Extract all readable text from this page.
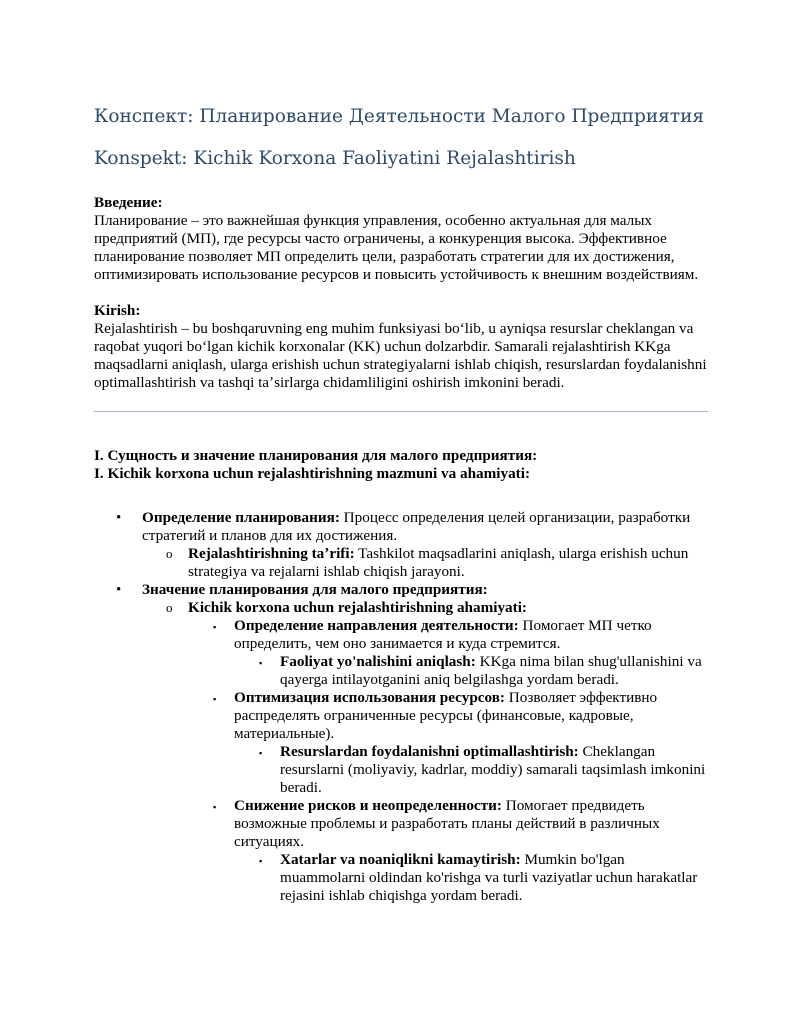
Конспект: Планирование Деятельности Малого Предприятия
Konspekt: Kichik Korxona Faoliyatini Rejalashtirish
Введение:

Планирование – это важнейшая функция управления, особенно актуальная для малых предприятий (МП), где ресурсы часто ограничены, а конкуренция высока. Эффективное планирование позволяет МП определить цели, разработать стратегии для их достижения, оптимизировать использование ресурсов и повысить устойчивость к внешним воздействиям.

Kirish:

Rejalashtirish – bu boshqaruvning eng muhim funksiyasi boʻlib, u ayniqsa resurslar cheklangan va raqobat yuqori boʻlgan kichik korxonalar (KK) uchun dolzarbdir. Samarali rejalashtirish KKga maqsadlarni aniqlash, ularga erishish uchun strategiyalarni ishlab chiqish, resurslardan foydalanishni optimallashtirish va tashqi taʼsirlarga chidamliligini oshirish imkonini beradi.

I. Сущность и значение планирования для малого предприятия:
I. Kichik korxona uchun rejalashtirishning mazmuni va ahamiyati:
• Определение планирования: Процесс определения целей организации, разработки стратегий и планов для их достижения.
o Rejalashtirishning taʼrifi: Tashkilot maqsadlarini aniqlash, ularga erishish uchun strategiya va rejalarni ishlab chiqish jarayoni.
• Значение планирования для малого предприятия:
o Kichik korxona uchun rejalashtirishning ahamiyati:
▪ Определение направления деятельности: Помогает МП четко определить, чем оно занимается и куда стремится.
▪ Faoliyat yo'nalishini aniqlash: KKga nima bilan shug'ullanishini va qayerga intilayotganini aniq belgilashga yordam beradi.
▪ Оптимизация использования ресурсов: Позволяет эффективно распределять ограниченные ресурсы (финансовые, кадровые, материальные).
▪ Resurslardan foydalanishni optimallashtirish: Cheklangan resurslarni (moliyaviy, kadrlar, moddiy) samarali taqsimlash imkonini beradi.
▪ Снижение рисков и неопределенности: Помогает предвидеть возможные проблемы и разработать планы действий в различных ситуациях.
▪ Xatarlar va noaniqlikni kamaytirish: Mumkin bo'lgan muammolarni oldindan ko'rishga va turli vaziyatlar uchun harakatlar rejasini ishlab chiqishga yordam beradi.
